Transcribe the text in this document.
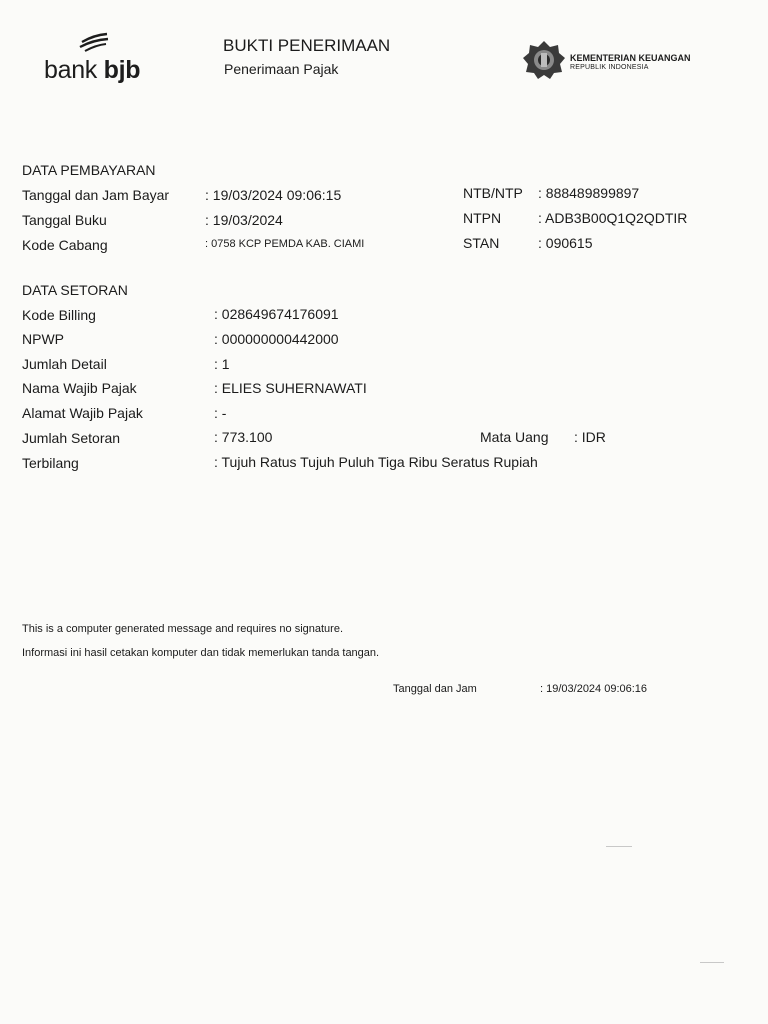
bank bjb
BUKTI PENERIMAAN
Penerimaan Pajak
KEMENTERIAN KEUANGAN
REPUBLIK INDONESIA
DATA PEMBAYARAN
Tanggal dan Jam Bayar	: 19/03/2024 09:06:15
Tanggal Buku	: 19/03/2024
Kode Cabang	: 0758 KCP PEMDA KAB. CIAMI
NTB/NTP : 888489899897
NTPN	: ADB3B00Q1Q2QDTIR
STAN	: 090615
DATA SETORAN
Kode Billing	: 028649674176091
NPWP	: 000000000442000
Jumlah Detail	: 1
Nama Wajib Pajak	: ELIES SUHERNAWATI
Alamat Wajib Pajak	: -
Jumlah Setoran	: 773.100
Terbilang	: Tujuh Ratus Tujuh Puluh Tiga Ribu Seratus Rupiah
Mata Uang : IDR
This is a computer generated message and requires no signature.
Informasi ini hasil cetakan komputer dan tidak memerlukan tanda tangan.
Tanggal dan Jam	: 19/03/2024 09:06:16
